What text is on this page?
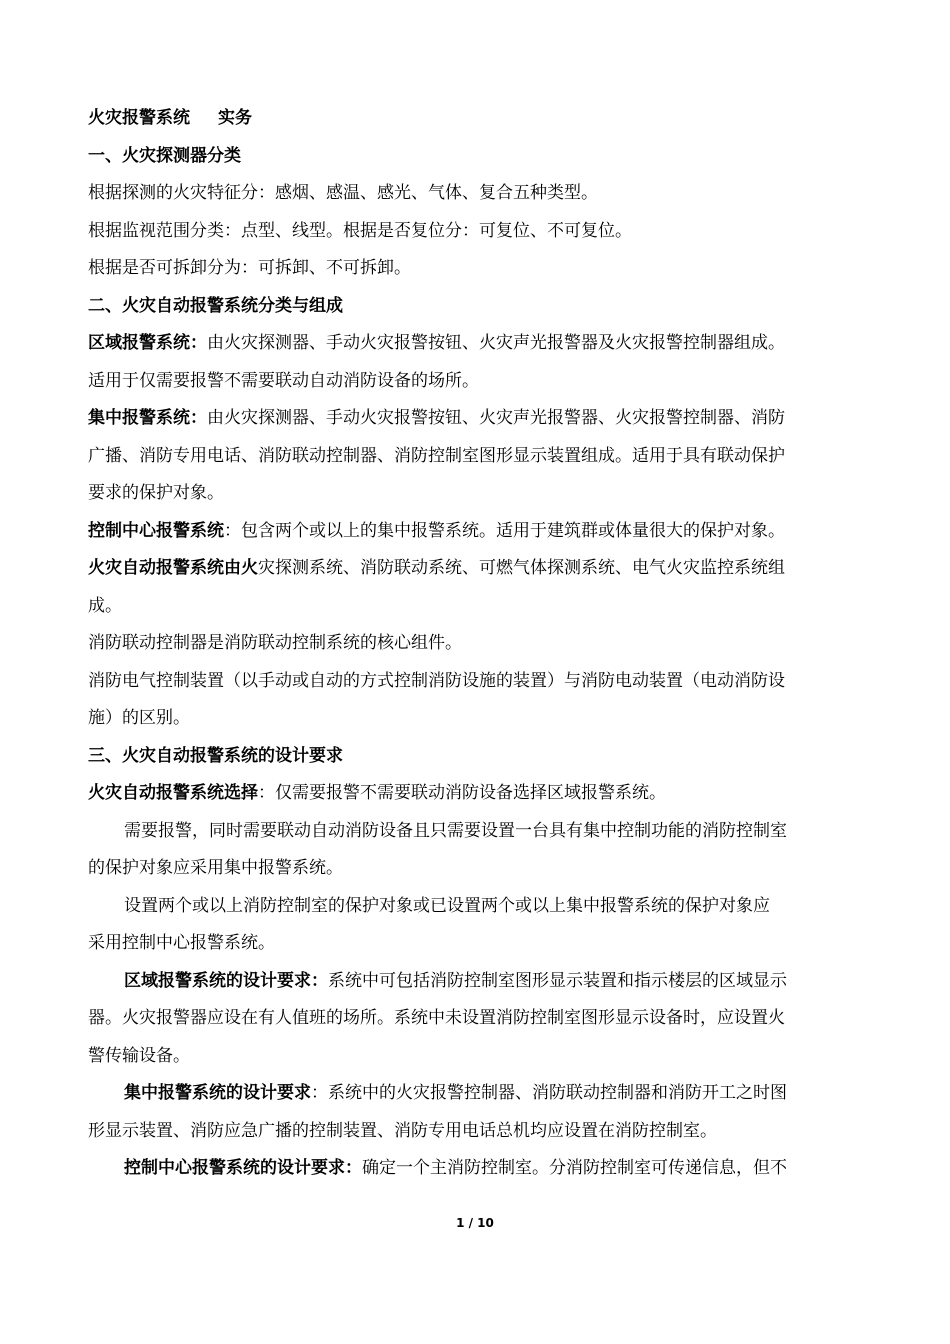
火灾报警系统 实务

一、火灾探测器分类

根据探测的火灾特征分：感烟、感温、感光、气体、复合五种类型。

根据监视范围分类：点型、线型。根据是否复位分：可复位、不可复位。

根据是否可拆卸分为：可拆卸、不可拆卸。

二、火灾自动报警系统分类与组成

区域报警系统：由火灾探测器、手动火灾报警按钮、火灾声光报警器及火灾报警控制器组成。

适用于仅需要报警不需要联动自动消防设备的场所。

集中报警系统：由火灾探测器、手动火灾报警按钮、火灾声光报警器、火灾报警控制器、消防

广播、消防专用电话、消防联动控制器、消防控制室图形显示装置组成。适用于具有联动保护

要求的保护对象。

控制中心报警系统：包含两个或以上的集中报警系统。适用于建筑群或体量很大的保护对象。

火灾自动报警系统由火灾探测系统、消防联动系统、可燃气体探测系统、电气火灾监控系统组

成。

消防联动控制器是消防联动控制系统的核心组件。

消防电气控制装置（以手动或自动的方式控制消防设施的装置）与消防电动装置（电动消防设

施）的区别。

三、火灾自动报警系统的设计要求

火灾自动报警系统选择：仅需要报警不需要联动消防设备选择区域报警系统。

需要报警，同时需要联动自动消防设备且只需要设置一台具有集中控制功能的消防控制室

的保护对象应采用集中报警系统。

设置两个或以上消防控制室的保护对象或已设置两个或以上集中报警系统的保护对象应

采用控制中心报警系统。

区域报警系统的设计要求：系统中可包括消防控制室图形显示装置和指示楼层的区域显示

器。火灾报警器应设在有人值班的场所。系统中未设置消防控制室图形显示设备时，应设置火

警传输设备。

集中报警系统的设计要求：系统中的火灾报警控制器、消防联动控制器和消防开工之时图

形显示装置、消防应急广播的控制装置、消防专用电话总机均应设置在消防控制室。

控制中心报警系统的设计要求：确定一个主消防控制室。分消防控制室可传递信息，但不

1 / 10
